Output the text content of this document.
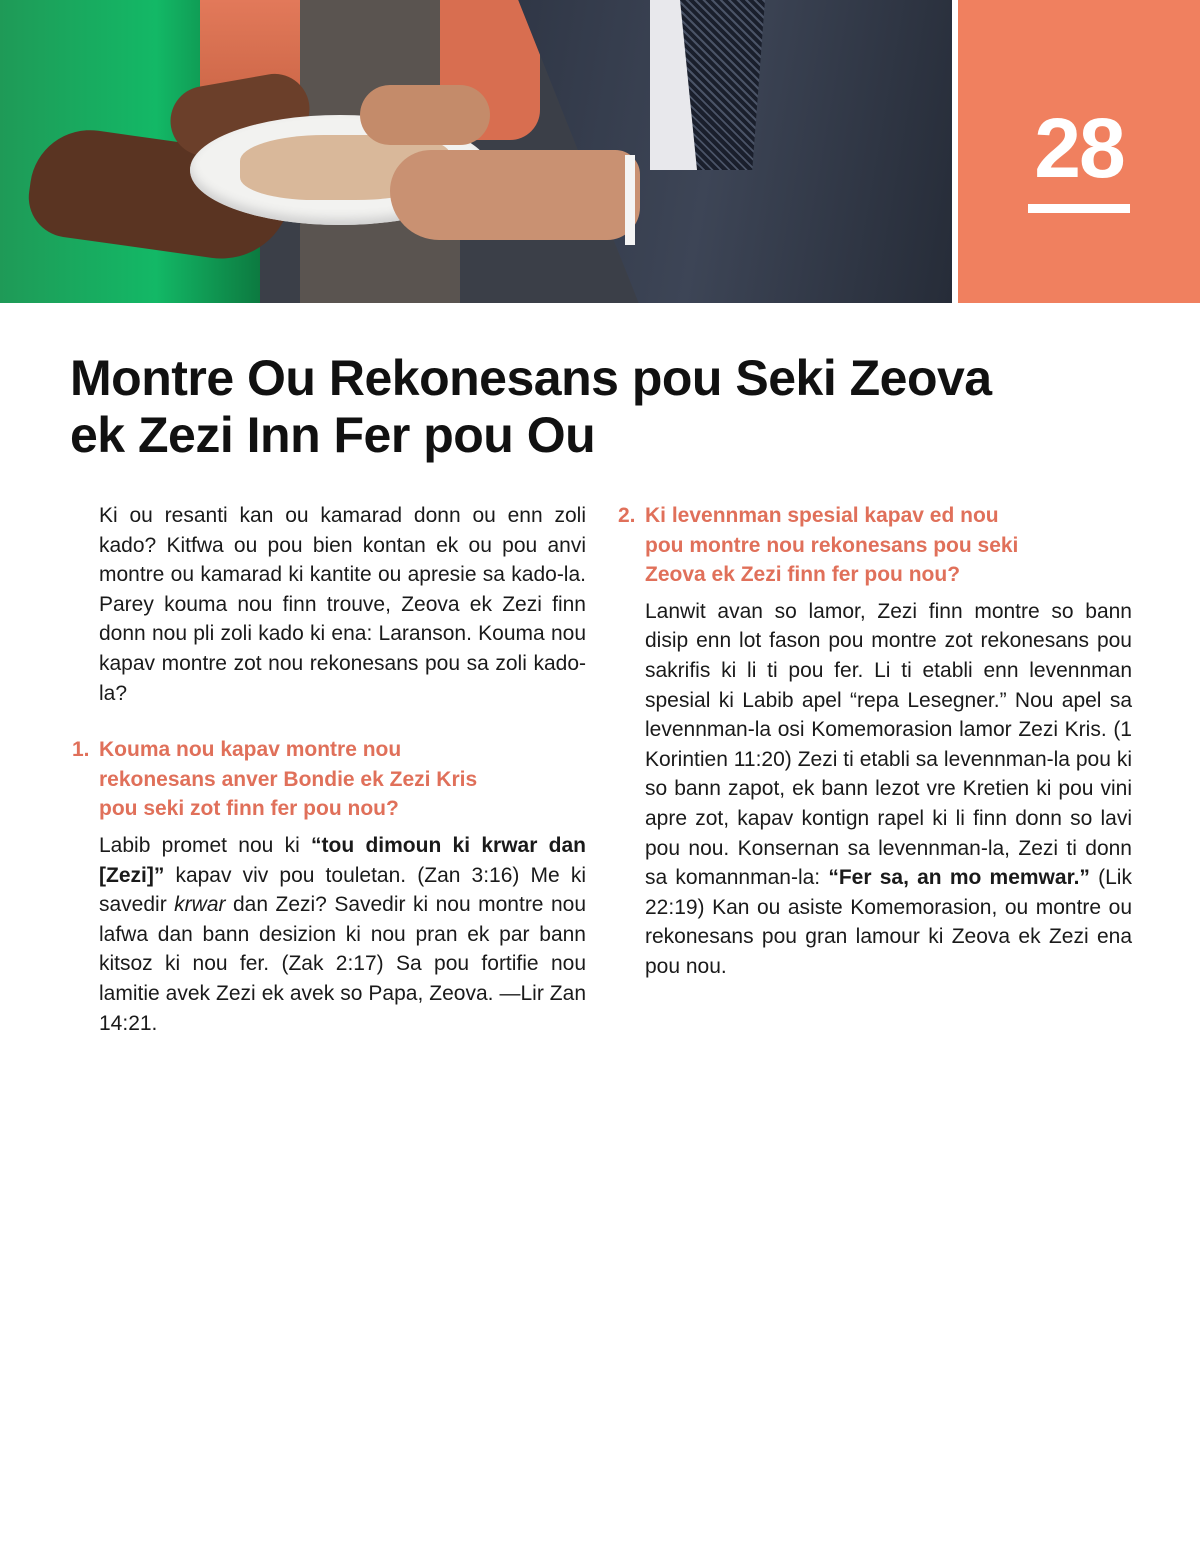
28
Montre Ou Rekonesans pou Seki Zeova
ek Zezi Inn Fer pou Ou

Ki ou resanti kan ou kamarad donn ou enn zoli kado? Kitfwa ou pou bien kontan ek ou pou anvi montre ou kamarad ki kantite ou apresie sa kado-la. Parey kouma nou finn trouve, Zeova ek Zezi finn donn nou pli zoli kado ki ena: Laranson. Kouma nou kapav montre zot nou rekonesans pou sa zoli kado-la?

1. Kouma nou kapav montre nou
rekonesans anver Bondie ek Zezi Kris
pou seki zot finn fer pou nou?

Labib promet nou ki “tou dimoun ki krwar dan [Zezi]” kapav viv pou touletan. (Zan 3:16) Me ki savedir krwar dan Zezi? Savedir ki nou montre nou lafwa dan bann desizion ki nou pran ek par bann kitsoz ki nou fer. (Zak 2:17) Sa pou fortifie nou lamitie avek Zezi ek avek so Papa, Zeova. —Lir Zan 14:21.

2. Ki levennman spesial kapav ed nou
pou montre nou rekonesans pou seki
Zeova ek Zezi finn fer pou nou?

Lanwit avan so lamor, Zezi finn montre so bann disip enn lot fason pou montre zot rekonesans pou sakrifis ki li ti pou fer. Li ti etabli enn levennman spesial ki Labib apel “repa Lesegner.” Nou apel sa levennman-la osi Komemorasion lamor Zezi Kris. (1 Korintien 11:20) Zezi ti etabli sa levennman-la pou ki so bann zapot, ek bann lezot vre Kretien ki pou vini apre zot, kapav kontign rapel ki li finn donn so lavi pou nou. Konsernan sa levennman-la, Zezi ti donn sa komannman-la: “Fer sa, an mo memwar.” (Lik 22:19) Kan ou asiste Komemorasion, ou montre ou rekonesans pou gran lamour ki Zeova ek Zezi ena pou nou.
